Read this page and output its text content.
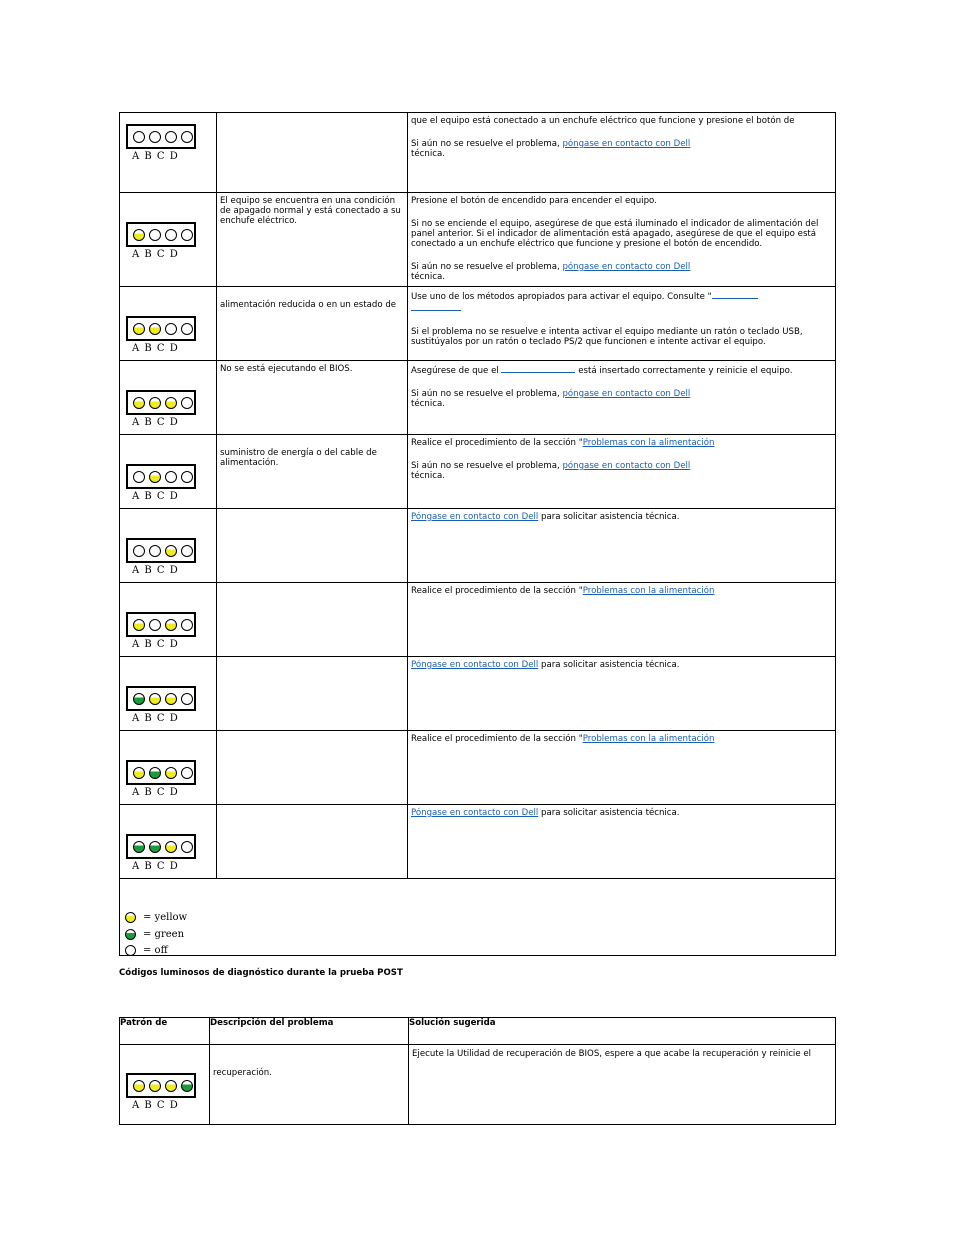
A B C D		que el equipo está conectado a un enchufe eléctrico que funcione y presione el botón de

Si aún no se resuelve el problema, póngase en contacto con Dell
técnica.

A B C D	El equipo se encuentra en una condición de apagado normal y está conectado a su enchufe eléctrico.	Presione el botón de encendido para encender el equipo.

Si no se enciende el equipo, asegúrese de que está iluminado el indicador de alimentación del panel anterior. Si el indicador de alimentación está apagado, asegúrese de que el equipo está conectado a un enchufe eléctrico que funcione y presione el botón de encendido.

Si aún no se resuelve el problema, póngase en contacto con Dell
técnica.

A B C D	alimentación reducida o en un estado de	Use uno de los métodos apropiados para activar el equipo. Consulte "

Si el problema no se resuelve e intenta activar el equipo mediante un ratón o teclado USB, sustitúyalos por un ratón o teclado PS/2 que funcionen e intente activar el equipo.

A B C D	No se está ejecutando el BIOS.	Asegúrese de que el está insertado correctamente y reinicie el equipo.

Si aún no se resuelve el problema, póngase en contacto con Dell
técnica.

A B C D	suministro de energía o del cable de alimentación.	Realice el procedimiento de la sección "Problemas con la alimentación

Si aún no se resuelve el problema, póngase en contacto con Dell
técnica.

A B C D		Póngase en contacto con Dell para solicitar asistencia técnica.

A B C D		Realice el procedimiento de la sección "Problemas con la alimentación

A B C D		Póngase en contacto con Dell para solicitar asistencia técnica.

A B C D		Realice el procedimiento de la sección "Problemas con la alimentación

A B C D		Póngase en contacto con Dell para solicitar asistencia técnica.

= yellow
= green
= off		
Códigos luminosos de diagnóstico durante la prueba POST
Patrón de	Descripción del problema	Solución sugerida

A B C D	recuperación.	Ejecute la Utilidad de recuperación de BIOS, espere a que acabe la recuperación y reinicie el
